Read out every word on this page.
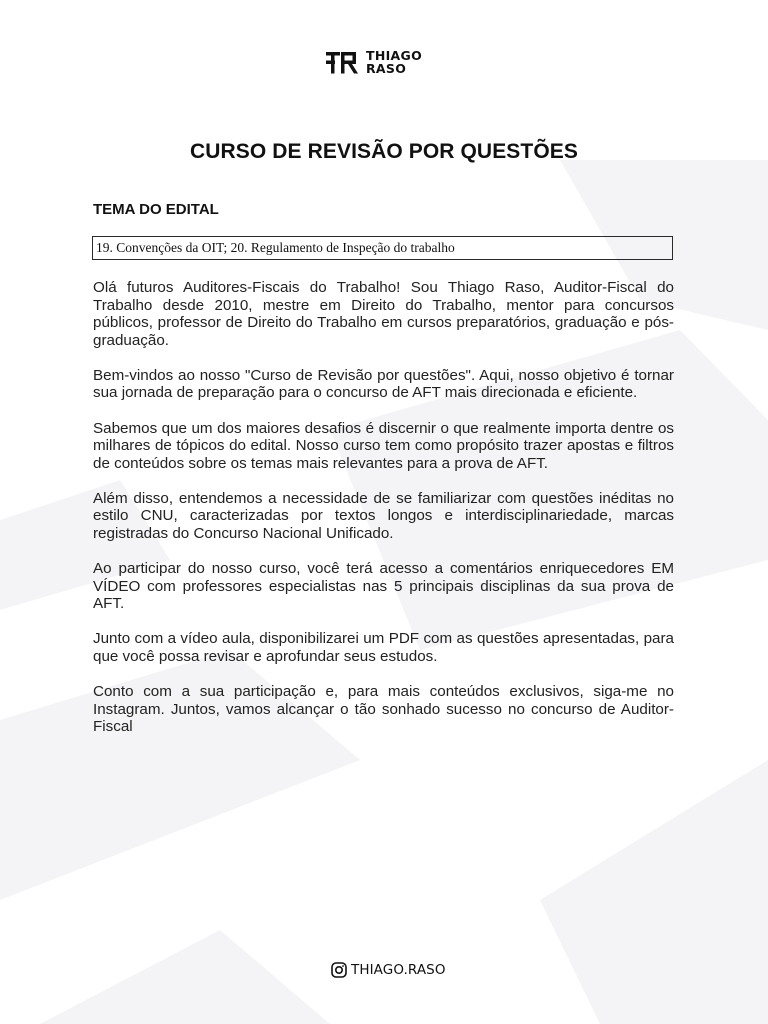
THIAGO
RASO
CURSO DE REVISÃO POR QUESTÕES
TEMA DO EDITAL
19. Convenções da OIT; 20. Regulamento de Inspeção do trabalho

Olá futuros Auditores-Fiscais do Trabalho! Sou Thiago Raso, Auditor-Fiscal do Trabalho desde 2010, mestre em Direito do Trabalho, mentor para concursos públicos, professor de Direito do Trabalho em cursos preparatórios, graduação e pós-graduação.

Bem-vindos ao nosso "Curso de Revisão por questões". Aqui, nosso objetivo é tornar sua jornada de preparação para o concurso de AFT mais direcionada e eficiente.

Sabemos que um dos maiores desafios é discernir o que realmente importa dentre os milhares de tópicos do edital. Nosso curso tem como propósito trazer apostas e filtros de conteúdos sobre os temas mais relevantes para a prova de AFT.

Além disso, entendemos a necessidade de se familiarizar com questões inéditas no estilo CNU, caracterizadas por textos longos e interdisciplinariedade, marcas registradas do Concurso Nacional Unificado.

Ao participar do nosso curso, você terá acesso a comentários enriquecedores EM VÍDEO com professores especialistas nas 5 principais disciplinas da sua prova de AFT.

Junto com a vídeo aula, disponibilizarei um PDF com as questões apresentadas, para que você possa revisar e aprofundar seus estudos.

Conto com a sua participação e, para mais conteúdos exclusivos, siga-me no Instagram. Juntos, vamos alcançar o tão sonhado sucesso no concurso de Auditor-Fiscal

THIAGO.RASO
